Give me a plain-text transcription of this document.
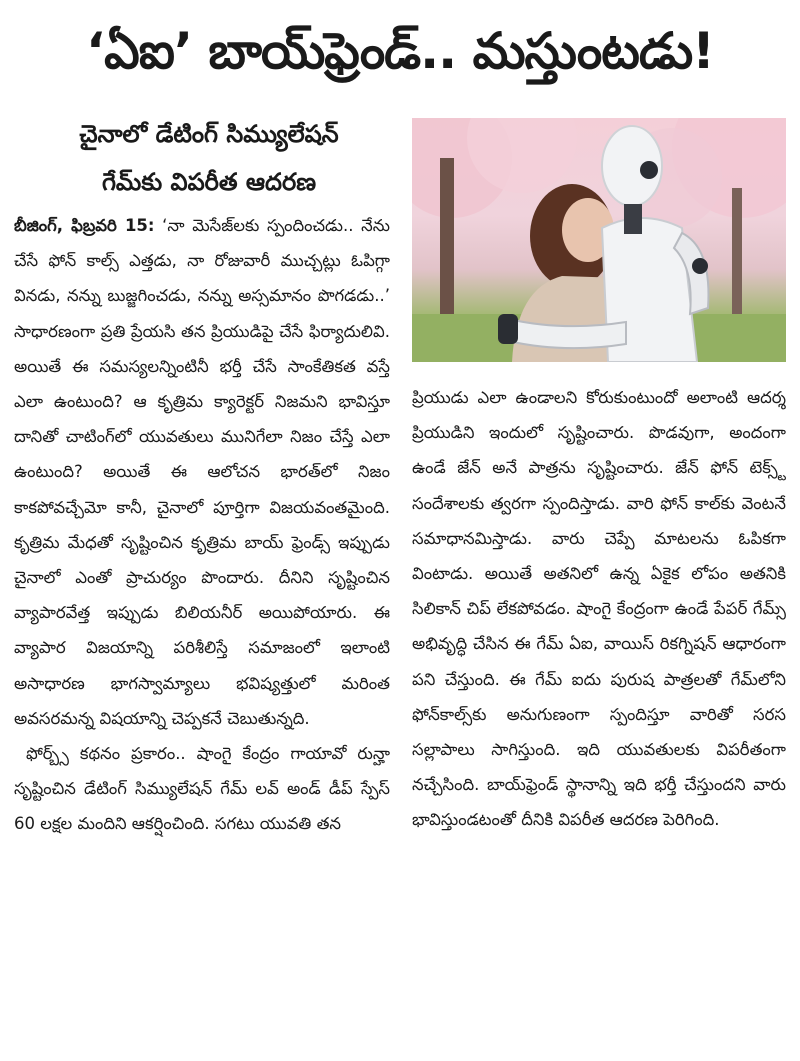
‘ఏఐ’ బాయ్‌ఫ్రెండ్‌.. మస్తుంటడు!
చైనాలో డేటింగ్‌ సిమ్యులేషన్‌
గేమ్‌కు విపరీత ఆదరణ
బీజింగ్‌, ఫిబ్రవరి 15: ‘నా మెసేజ్‌లకు స్పందించడు.. నేను చేసే ఫోన్‌ కాల్స్‌ ఎత్తడు, నా రోజువారీ ముచ్చట్లు ఓపిగ్గా వినడు, నన్ను బుజ్జగించడు, నన్ను అస్సమానం పొగడడు..’ సాధారణంగా ప్రతి ప్రేయసి తన ప్రియుడిపై చేసే ఫిర్యాదులివి. అయితే ఈ సమస్యలన్నింటినీ భర్తీ చేసే సాంకేతికత వస్తే ఎలా ఉంటుంది? ఆ కృత్రిమ క్యారెక్టర్‌ నిజమని భావిస్తూ దానితో చాటింగ్‌లో యువతులు మునిగేలా నిజం చేస్తే ఎలా ఉంటుంది? అయితే ఈ ఆలోచన భారత్‌లో నిజం కాకపోవచ్చేమో కానీ, చైనాలో పూర్తిగా విజయవంతమైంది. కృత్రిమ మేధతో సృష్టించిన కృత్రిమ బాయ్‌ ఫ్రెండ్స్‌ ఇప్పుడు చైనాలో ఎంతో ప్రాచుర్యం పొందారు. దీనిని సృష్టించిన వ్యాపారవేత్త ఇప్పుడు బిలియనీర్‌ అయిపోయారు. ఈ వ్యాపార విజయాన్ని పరిశీలిస్తే సమాజంలో ఇలాంటి అసాధారణ భాగస్వామ్యాలు భవిష్యత్తులో మరింత అవసరమన్న విషయాన్ని చెప్పకనే చెబుతున్నది.
ఫోర్బ్స్‌ కథనం ప్రకారం.. షాంగై కేంద్రం గాయావో రున్హా సృష్టించిన డేటింగ్‌ సిమ్యులేషన్‌ గేమ్‌ లవ్‌ అండ్‌ డీప్‌ స్పేస్‌ 60 లక్షల మందిని ఆకర్షించింది. సగటు యువతి తన
ప్రియుడు ఎలా ఉండాలని కోరుకుంటుందో అలాంటి ఆదర్శ ప్రియుడిని ఇందులో సృష్టించారు. పొడవుగా, అందంగా ఉండే జేన్‌ అనే పాత్రను సృష్టించారు. జేన్‌ ఫోన్‌ టెక్స్ట్‌ సందేశాలకు త్వరగా స్పందిస్తాడు. వారి ఫోన్‌ కాల్‌కు వెంటనే సమాధానమిస్తాడు. వారు చెప్పే మాటలను ఓపికగా వింటాడు. అయితే అతనిలో ఉన్న ఏకైక లోపం అతనికి సిలికాన్‌ చిప్‌ లేకపోవడం. షాంగై కేంద్రంగా ఉండే పేపర్‌ గేమ్స్‌ అభివృద్ధి చేసిన ఈ గేమ్‌ ఏఐ, వాయిస్‌ రికగ్నిషన్‌ ఆధారంగా పని చేస్తుంది. ఈ గేమ్‌ ఐదు పురుష పాత్రలతో గేమ్‌లోని ఫోన్‌కాల్స్‌కు అనుగుణంగా స్పందిస్తూ వారితో సరస సల్లాపాలు సాగిస్తుంది. ఇది యువతులకు విపరీతంగా నచ్చేసింది. బాయ్‌ఫ్రెండ్‌ స్థానాన్ని ఇది భర్తీ చేస్తుందని వారు భావిస్తుండటంతో దీనికి విపరీత ఆదరణ పెరిగింది.
